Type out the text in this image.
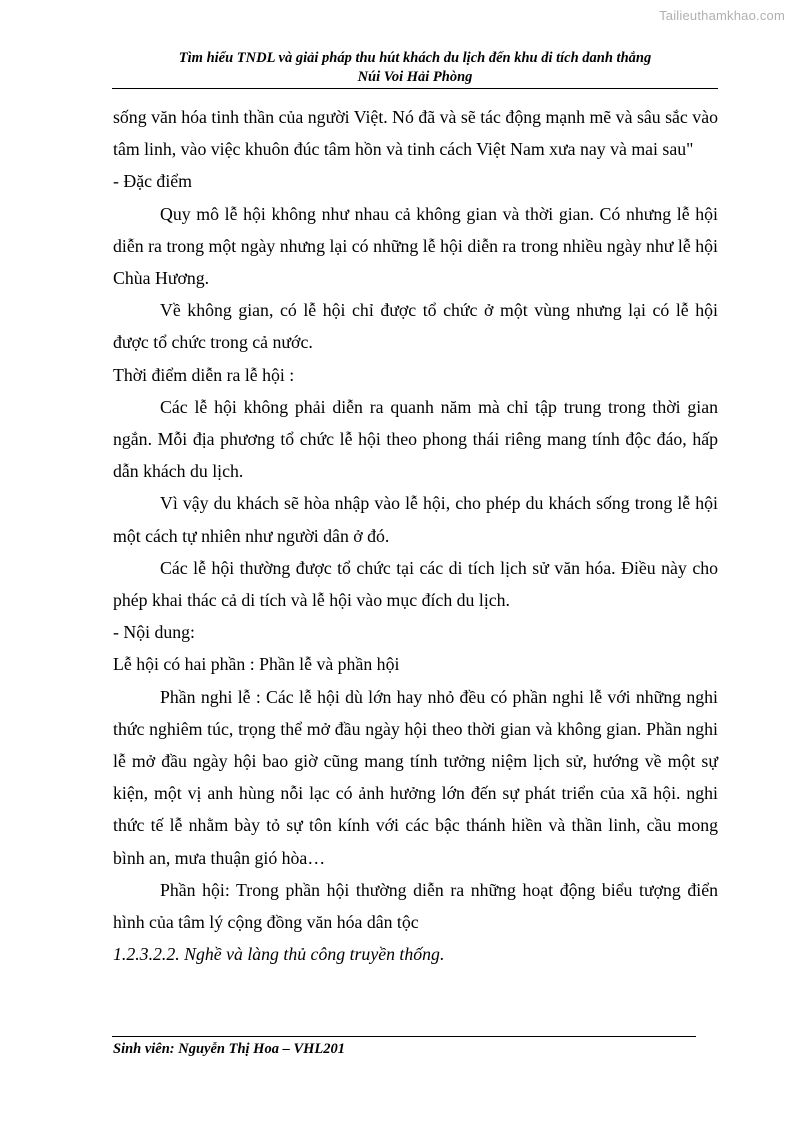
Tailieuthamkhao.com
Tìm hiểu TNDL và giải pháp thu hút khách du lịch đến khu di tích danh thắng
Núi Voi Hải Phòng

sống văn hóa tinh thần của người Việt. Nó đã và sẽ tác động mạnh mẽ và sâu sắc vào tâm linh, vào việc khuôn đúc tâm hồn và tinh cách Việt Nam xưa nay và mai sau"

- Đặc điểm

Quy mô lễ hội không như nhau cả không gian và thời gian. Có nhưng lễ hội diễn ra trong một ngày nhưng lại có những lễ hội diễn ra trong nhiều ngày như lễ hội Chùa Hương.

Về không gian, có lễ hội chỉ được tổ chức ở một vùng nhưng lại có lễ hội được tổ chức trong cả nước.

Thời điểm diễn ra lễ hội :

Các lễ hội không phải diễn ra quanh năm mà chỉ tập trung trong thời gian ngắn. Mỗi địa phương tổ chức lễ hội theo phong thái riêng mang tính độc đáo, hấp dẫn khách du lịch.

Vì vậy du khách sẽ hòa nhập vào lễ hội, cho phép du khách sống trong lễ hội một cách tự nhiên như người dân ở đó.

Các lễ hội thường được tổ chức tại các di tích lịch sử văn hóa. Điều này cho phép khai thác cả di tích và lễ hội vào mục đích du lịch.

- Nội dung:

Lễ hội có hai phần : Phần lễ và phần hội

Phần nghi lễ : Các lễ hội dù lớn hay nhỏ đều có phần nghi lễ với những nghi thức nghiêm túc, trọng thể mở đầu ngày hội theo thời gian và không gian. Phần nghi lễ mở đầu ngày hội bao giờ cũng mang tính tưởng niệm lịch sử, hướng về một sự kiện, một vị anh hùng nỗi lạc có ảnh hưởng lớn đến sự phát triển của xã hội. nghi thức tế lễ nhằm bày tỏ sự tôn kính với các bậc thánh hiền và thần linh, cầu mong bình an, mưa thuận gió hòa…

Phần hội: Trong phần hội thường diễn ra những hoạt động biểu tượng điển hình của tâm lý cộng đồng văn hóa dân tộc

1.2.3.2.2. Nghề và làng thủ công truyền thống.

Sinh viên: Nguyễn Thị Hoa – VHL201
